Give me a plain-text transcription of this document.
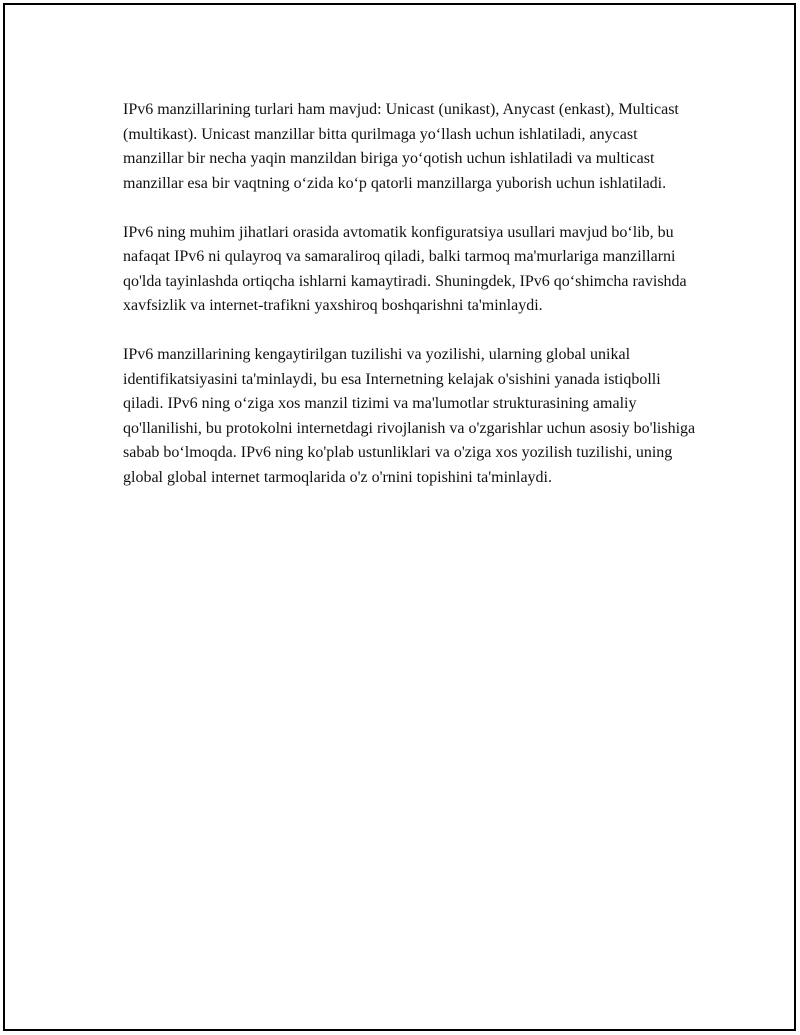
IPv6 manzillarining turlari ham mavjud: Unicast (unikast), Anycast (enkast), Multicast (multikast). Unicast manzillar bitta qurilmaga yo‘llash uchun ishlatiladi, anycast manzillar bir necha yaqin manzildan biriga yo‘qotish uchun ishlatiladi va multicast manzillar esa bir vaqtning o‘zida ko‘p qatorli manzillarga yuborish uchun ishlatiladi.

IPv6 ning muhim jihatlari orasida avtomatik konfiguratsiya usullari mavjud bo‘lib, bu nafaqat IPv6 ni qulayroq va samaraliroq qiladi, balki tarmoq ma'murlariga manzillarni qo'lda tayinlashda ortiqcha ishlarni kamaytiradi. Shuningdek, IPv6 qo‘shimcha ravishda xavfsizlik va internet-trafikni yaxshiroq boshqarishni ta'minlaydi.

IPv6 manzillarining kengaytirilgan tuzilishi va yozilishi, ularning global unikal identifikatsiyasini ta'minlaydi, bu esa Internetning kelajak o'sishini yanada istiqbolli qiladi. IPv6 ning o‘ziga xos manzil tizimi va ma'lumotlar strukturasining amaliy qo'llanilishi, bu protokolni internetdagi rivojlanish va o'zgarishlar uchun asosiy bo'lishiga sabab bo‘lmoqda. IPv6 ning ko'plab ustunliklari va o'ziga xos yozilish tuzilishi, uning global global internet tarmoqlarida o'z o'rnini topishini ta'minlaydi.
